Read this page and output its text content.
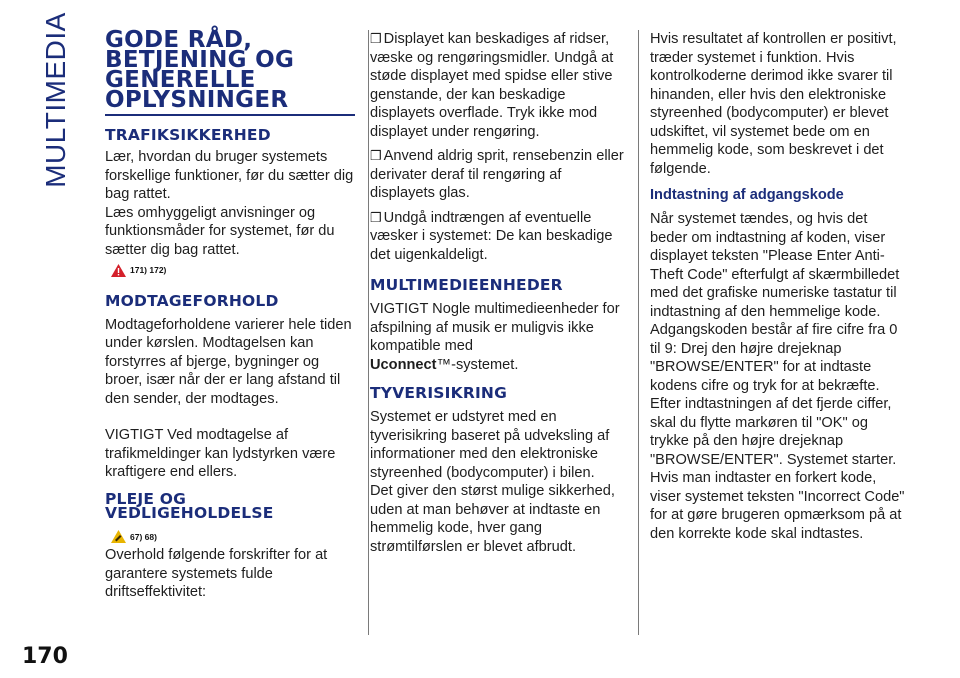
MULTIMEDIA
170
GODE RÅD,
BETJENING OG
GENERELLE
OPLYSNINGER
TRAFIKSIKKERHED

Lær, hvordan du bruger systemets forskellige funktioner, før du sætter dig bag rattet.

Læs omhyggeligt anvisninger og funktionsmåder for systemet, før du sætter dig bag rattet.

171) 172)
MODTAGEFORHOLD

Modtageforholdene varierer hele tiden under kørslen. Modtagelsen kan forstyrres af bjerge, bygninger og broer, især når der er lang afstand til den sender, der modtages.

VIGTIGT Ved modtagelse af trafikmeldinger kan lydstyrken være kraftigere end ellers.

PLEJE OG
VEDLIGEHOLDELSE
67) 68)

Overhold følgende forskrifter for at garantere systemets fulde driftseffektivitet:

❒ Displayet kan beskadiges af ridser, væske og rengøringsmidler. Undgå at støde displayet med spidse eller stive genstande, der kan beskadige displayets overflade. Tryk ikke mod displayet under rengøring.

❒ Anvend aldrig sprit, rensebenzin eller derivater deraf til rengøring af displayets glas.

❒ Undgå indtrængen af eventuelle væsker i systemet: De kan beskadige det uigenkaldeligt.

MULTIMEDIEENHEDER

VIGTIGT Nogle multimedieenheder for afspilning af musik er muligvis ikke kompatible med
Uconnect™-systemet.

TYVERISIKRING

Systemet er udstyret med en tyverisikring baseret på udveksling af informationer med den elektroniske styreenhed (bodycomputer) i bilen.

Det giver den størst mulige sikkerhed, uden at man behøver at indtaste en hemmelig kode, hver gang strømtilførslen er blevet afbrudt.

Hvis resultatet af kontrollen er positivt, træder systemet i funktion. Hvis kontrolkoderne derimod ikke svarer til hinanden, eller hvis den elektroniske styreenhed (bodycomputer) er blevet udskiftet, vil systemet bede om en hemmelig kode, som beskrevet i det følgende.

Indtastning af adgangskode

Når systemet tændes, og hvis det beder om indtastning af koden, viser displayet teksten "Please Enter Anti-Theft Code" efterfulgt af skærmbilledet med det grafiske numeriske tastatur til indtastning af den hemmelige kode.

Adgangskoden består af fire cifre fra 0 til 9: Drej den højre drejeknap "BROWSE/ENTER" for at indtaste kodens cifre og tryk for at bekræfte. Efter indtastningen af det fjerde ciffer, skal du flytte markøren til "OK" og trykke på den højre drejeknap "BROWSE/ENTER". Systemet starter. Hvis man indtaster en forkert kode, viser systemet teksten "Incorrect Code" for at gøre brugeren opmærksom på at den korrekte kode skal indtastes.
